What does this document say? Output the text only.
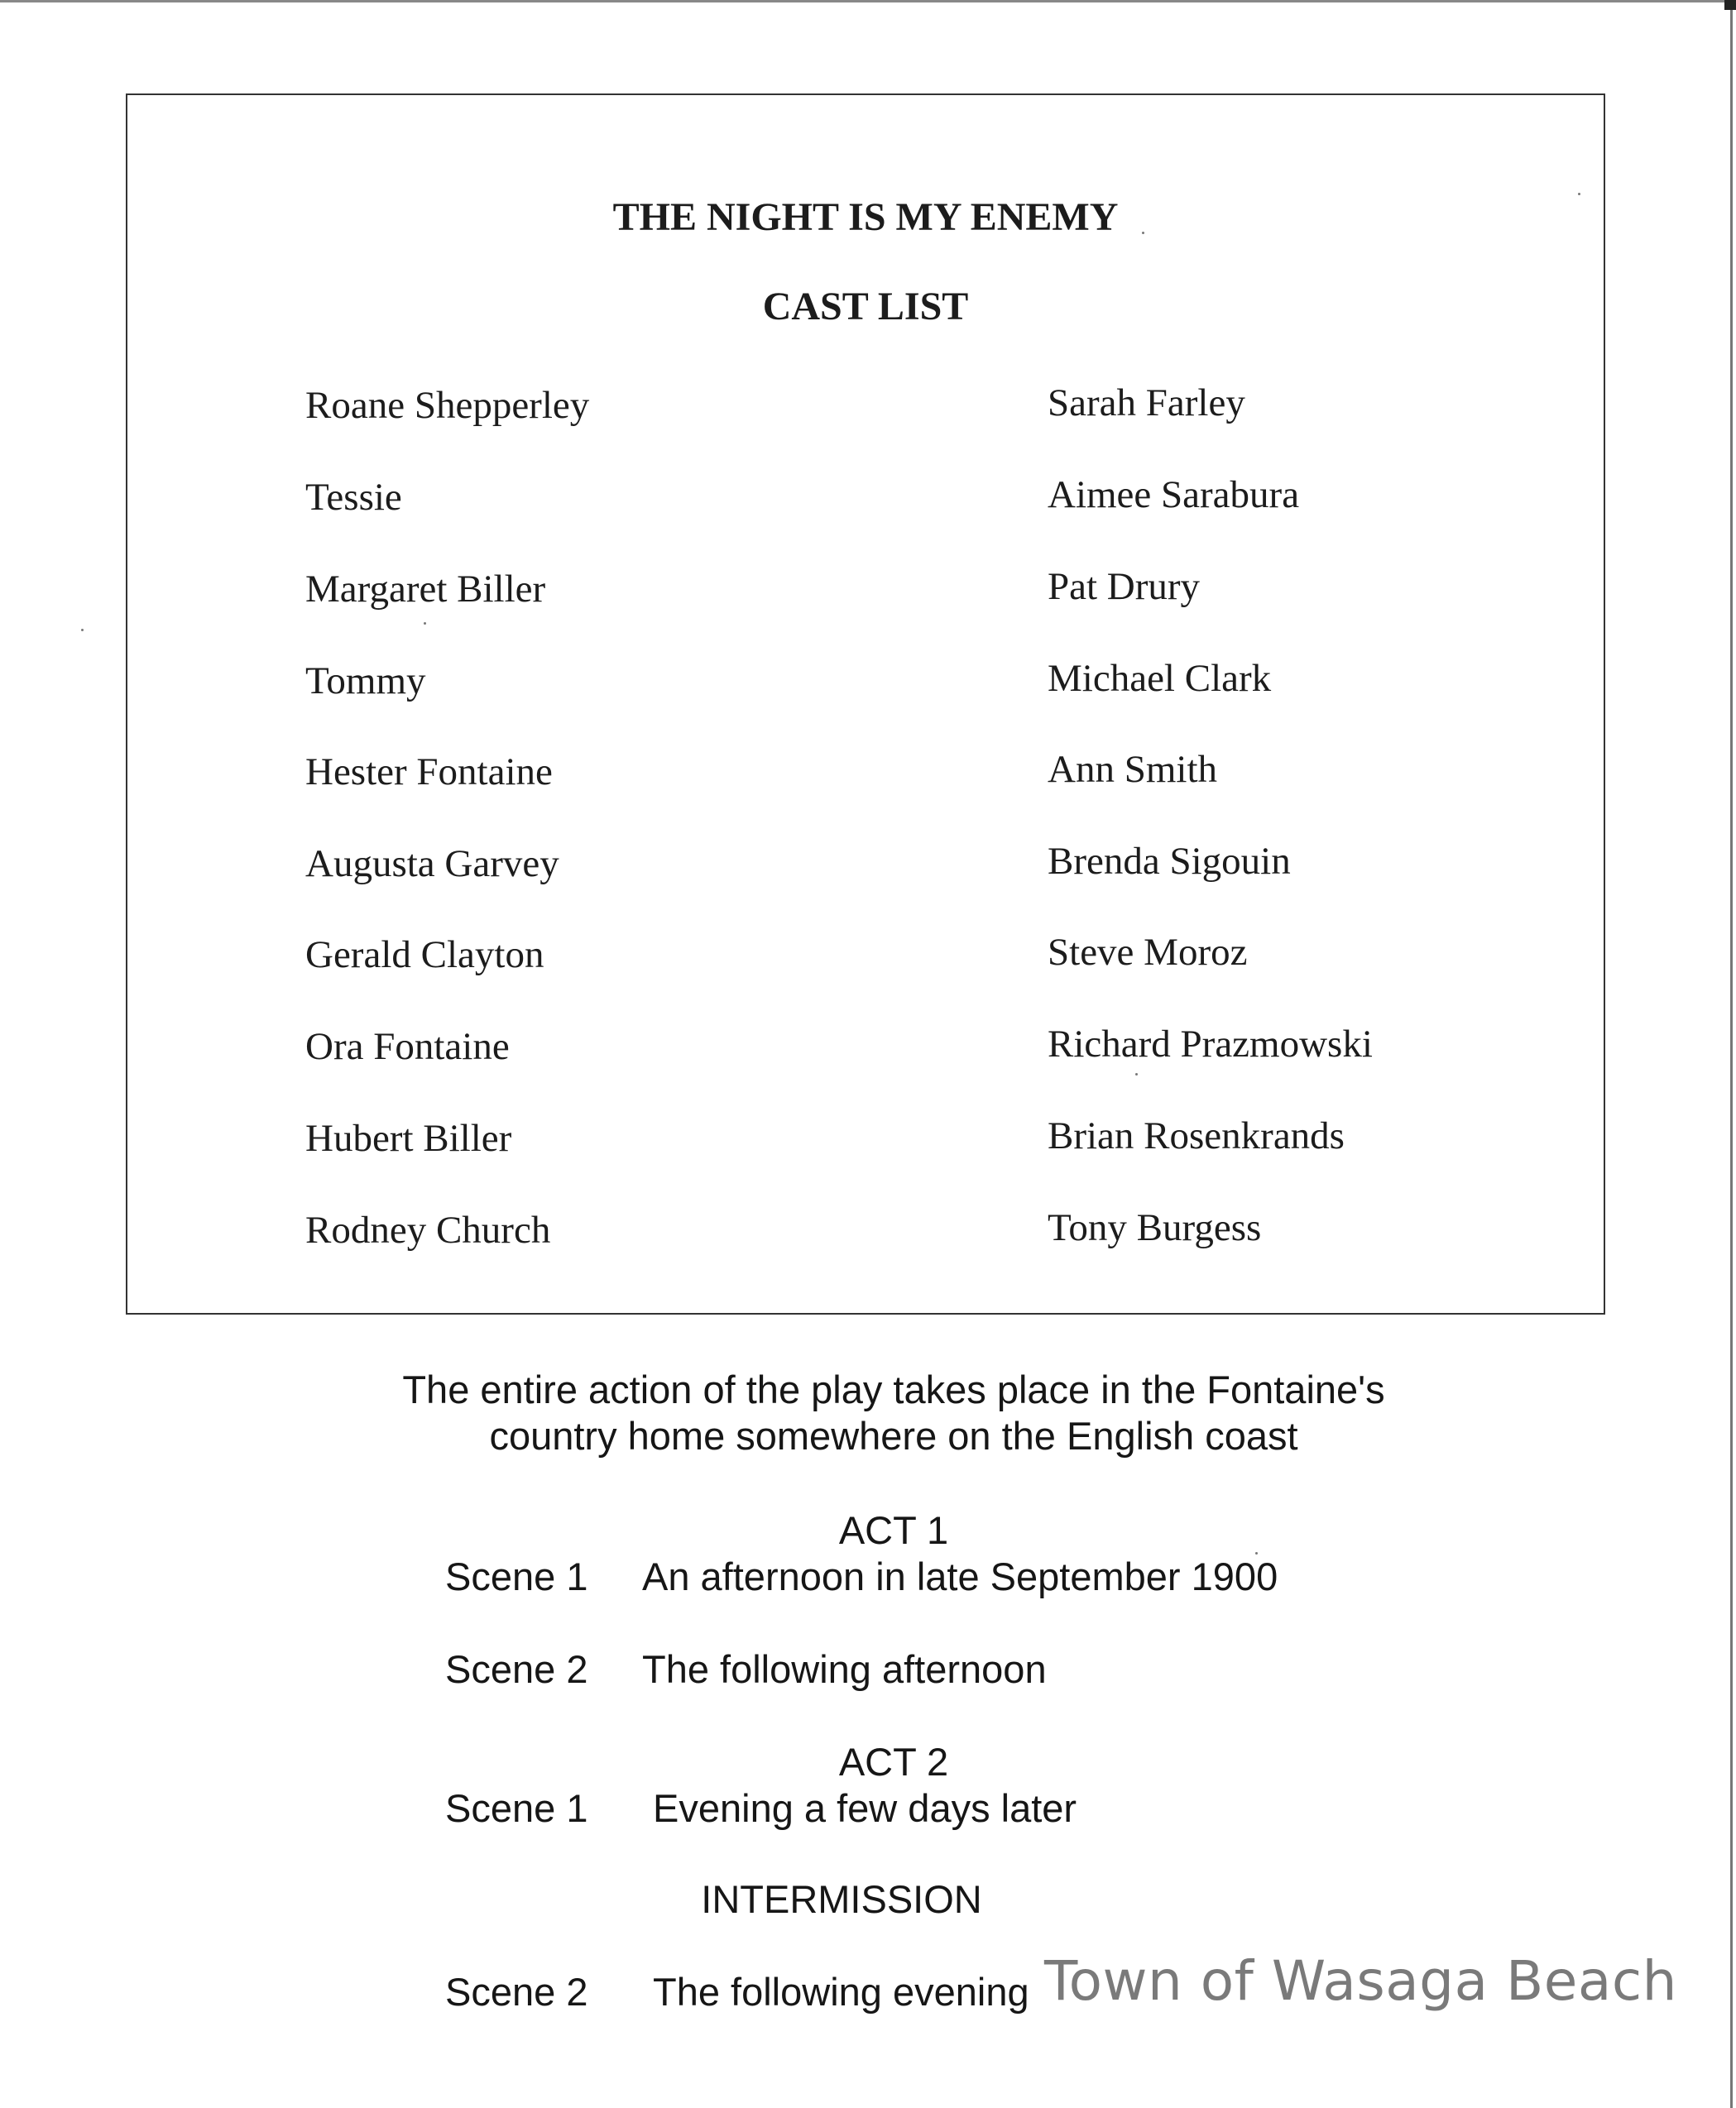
THE NIGHT IS MY ENEMY
CAST LIST
Roane Shepperley	Sarah Farley
Tessie	Aimee Sarabura
Margaret Biller	Pat Drury
Tommy	Michael Clark
Hester Fontaine	Ann Smith
Augusta Garvey	Brenda Sigouin
Gerald Clayton	Steve Moroz
Ora Fontaine	Richard Prazmowski
Hubert Biller	Brian Rosenkrands
Rodney Church	Tony Burgess
The entire action of the play takes place in the Fontaine's
country home somewhere on the English coast
ACT 1
Scene 1 An afternoon in late September 1900
Scene 2 The following afternoon
ACT 2
Scene 1 Evening a few days later
INTERMISSION
Scene 2 The following evening Town of Wasaga Beach
